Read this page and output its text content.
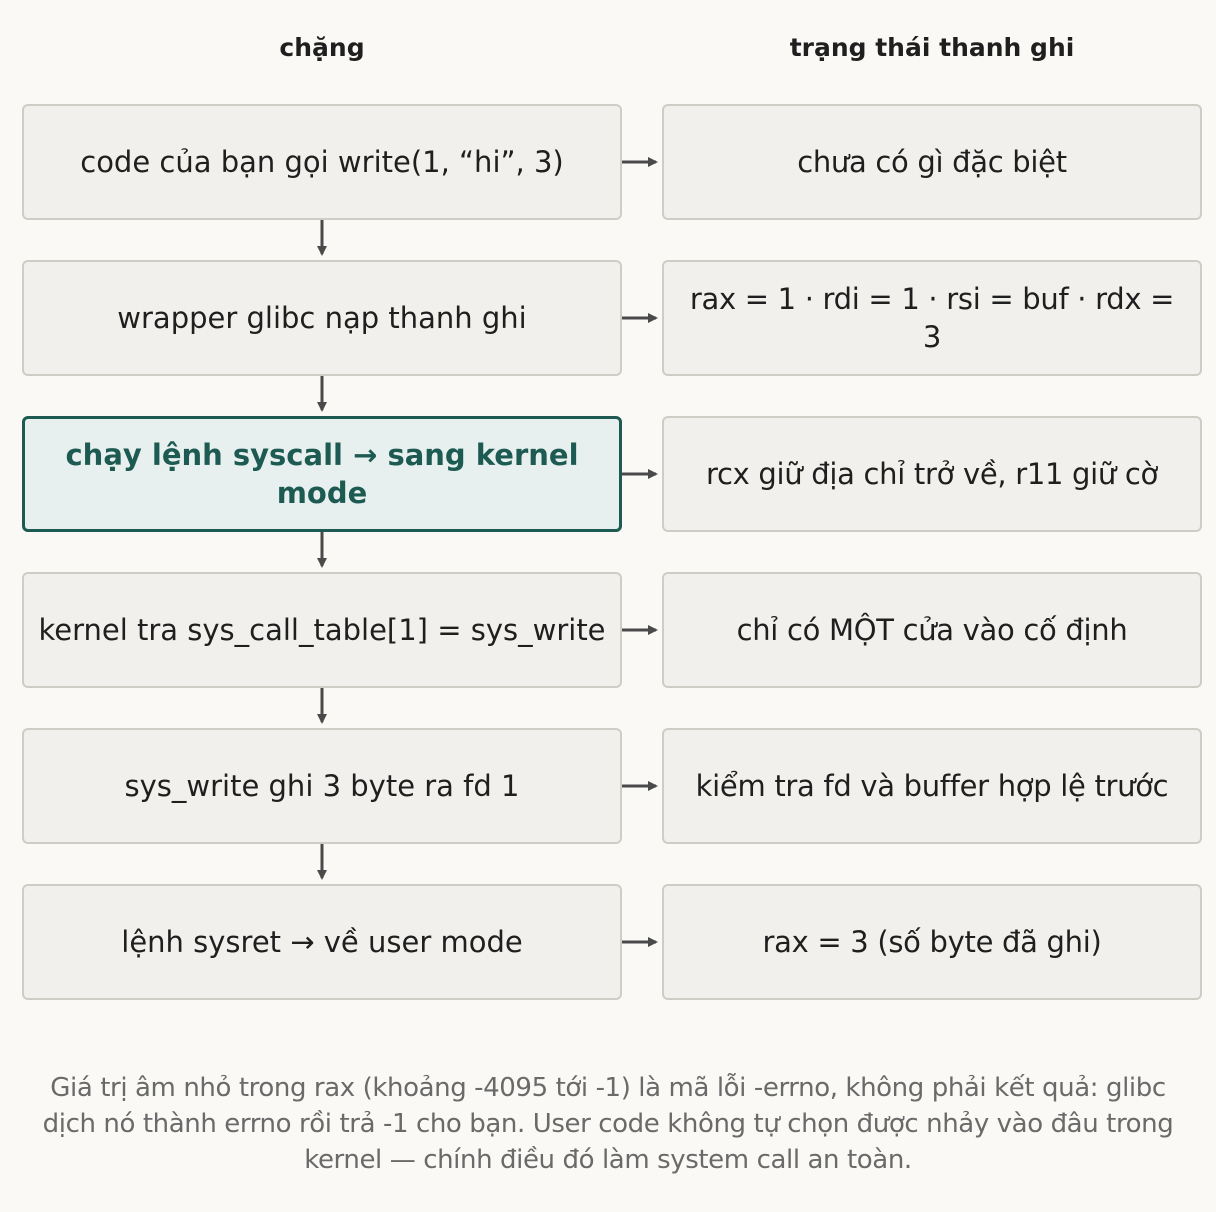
chặng	trạng thái thanh ghi
code của bạn gọi write(1, “hi”, 3)
wrapper glibc nạp thanh ghi
chạy lệnh syscall → sang kernel mode
kernel tra sys_call_table[1] = sys_write
sys_write ghi 3 byte ra fd 1
lệnh sysret → về user mode
chưa có gì đặc biệt
rax = 1 · rdi = 1 · rsi = buf · rdx = 3
rcx giữ địa chỉ trở về, r11 giữ cờ
chỉ có MỘT cửa vào cố định
kiểm tra fd và buffer hợp lệ trước
rax = 3 (số byte đã ghi)
Giá trị âm nhỏ trong rax (khoảng -4095 tới -1) là mã lỗi -errno, không phải kết quả: glibc dịch nó thành errno rồi trả -1 cho bạn. User code không tự chọn được nhảy vào đâu trong kernel — chính điều đó làm system call an toàn.
